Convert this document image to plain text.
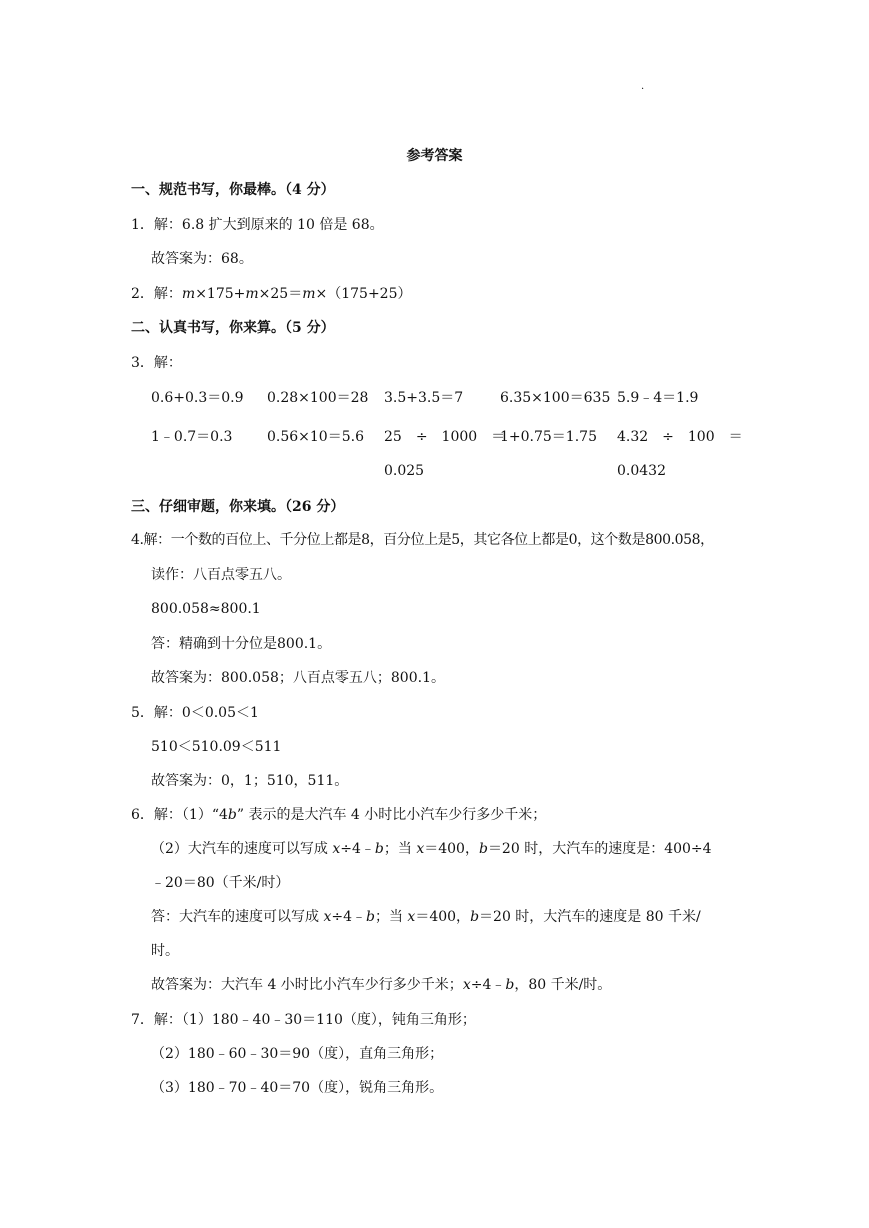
.
参考答案
一、规范书写，你最棒。（4 分）
1．解：6.8 扩大到原来的 10 倍是 68。
故答案为：68。
2．解：m×175+m×25＝m×（175+25）
二、认真书写，你来算。（5 分）
3．解：
0.6+0.3＝0.9 0.28×100＝28 3.5+3.5＝7	6.35×100＝635 5.9﹣4＝1.9
1﹣0.7＝0.3 0.56×10＝5.6 25　÷　1000　＝
1+0.75＝1.75 4.32　÷　100　＝
0.025	0.0432
三、仔细审题，你来填。（26 分）
4.解：一个数的百位上、千分位上都是8，百分位上是5，其它各位上都是0，这个数是800.058，
读作：八百点零五八。
800.058≈800.1
答：精确到十分位是800.1。
故答案为：800.058；八百点零五八；800.1。
5．解：0＜0.05＜1
510＜510.09＜511
故答案为：0，1；510，511。
6．解：（1）“4b” 表示的是大汽车 4 小时比小汽车少行多少千米；
（2）大汽车的速度可以写成 x÷4﹣b；当 x＝400，b＝20 时，大汽车的速度是：400÷4
﹣20＝80（千米/时）
答：大汽车的速度可以写成 x÷4﹣b；当 x＝400，b＝20 时，大汽车的速度是 80 千米/
时。
故答案为：大汽车 4 小时比小汽车少行多少千米；x÷4﹣b，80 千米/时。
7．解：（1）180﹣40﹣30＝110（度），钝角三角形；
（2）180﹣60﹣30＝90（度），直角三角形；
（3）180﹣70﹣40＝70（度），锐角三角形。
